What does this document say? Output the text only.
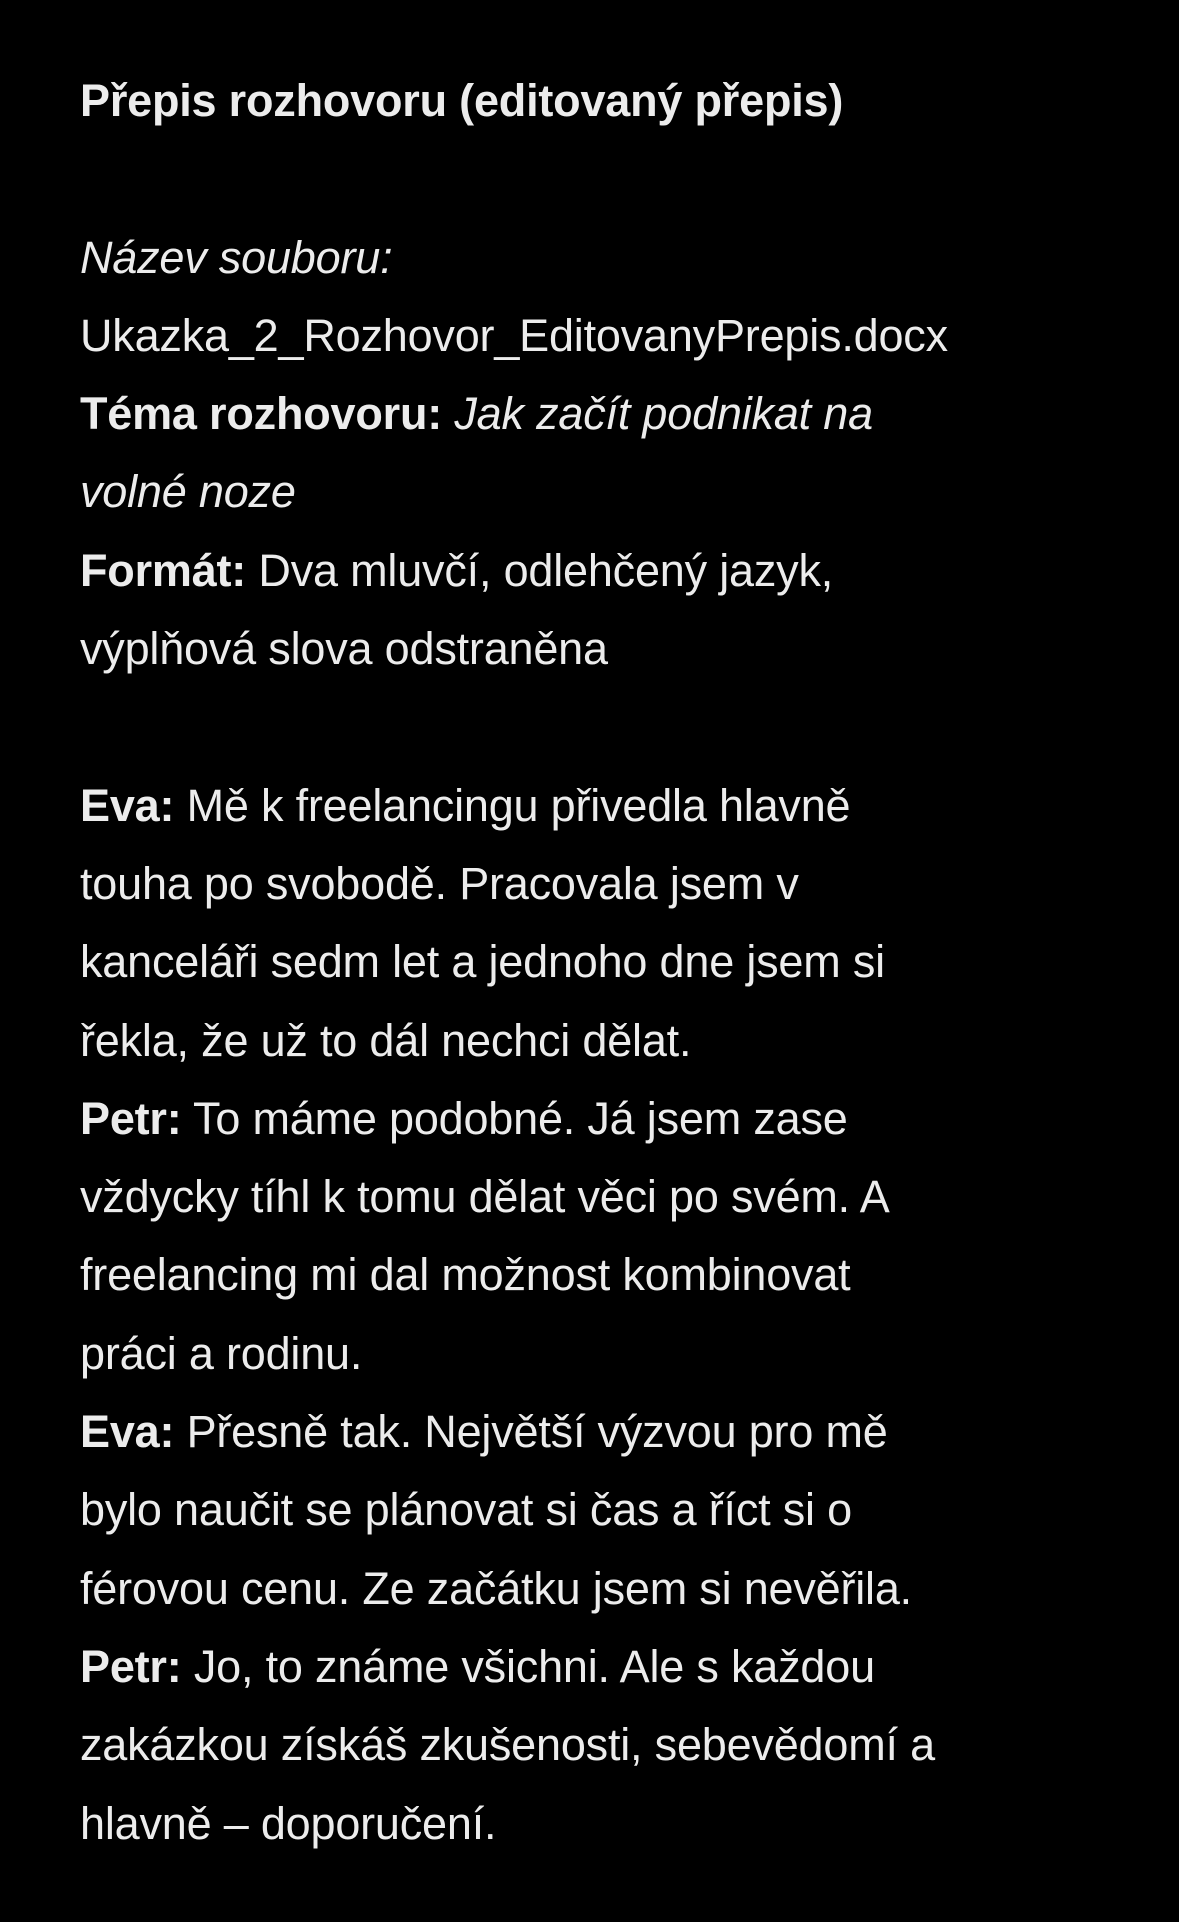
Přepis rozhovoru (editovaný přepis)
Název souboru:
Ukazka_2_Rozhovor_EditovanyPrepis.docx
Téma rozhovoru: Jak začít podnikat na
volné noze
Formát: Dva mluvčí, odlehčený jazyk,
výplňová slova odstraněna
Eva: Mě k freelancingu přivedla hlavně
touha po svobodě. Pracovala jsem v
kanceláři sedm let a jednoho dne jsem si
řekla, že už to dál nechci dělat.
Petr: To máme podobné. Já jsem zase
vždycky tíhl k tomu dělat věci po svém. A
freelancing mi dal možnost kombinovat
práci a rodinu.
Eva: Přesně tak. Největší výzvou pro mě
bylo naučit se plánovat si čas a říct si o
férovou cenu. Ze začátku jsem si nevěřila.
Petr: Jo, to známe všichni. Ale s každou
zakázkou získáš zkušenosti, sebevědomí a
hlavně – doporučení.
